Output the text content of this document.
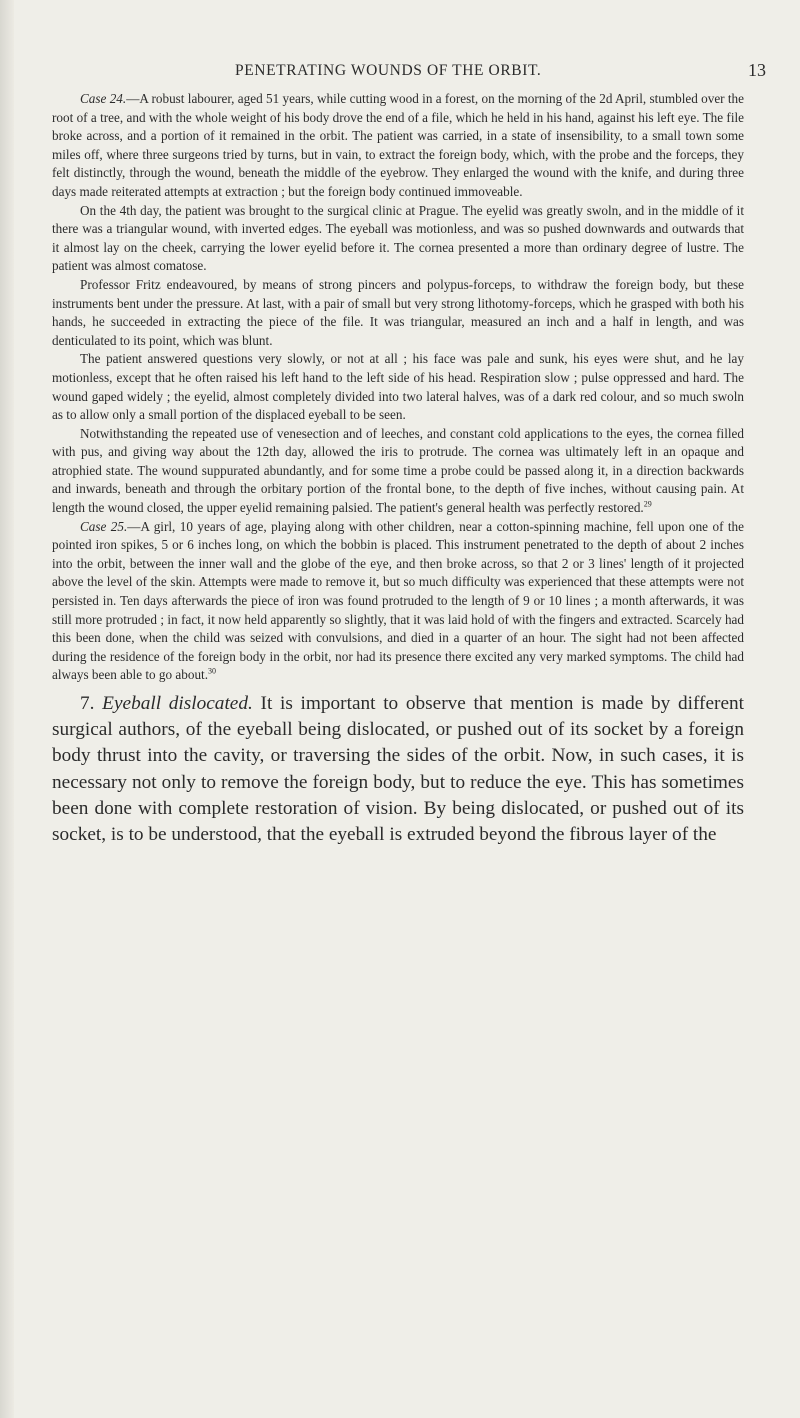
PENETRATING WOUNDS OF THE ORBIT.	13

Case 24.—A robust labourer, aged 51 years, while cutting wood in a forest, on the morning of the 2d April, stumbled over the root of a tree, and with the whole weight of his body drove the end of a file, which he held in his hand, against his left eye. The file broke across, and a portion of it remained in the orbit. The patient was carried, in a state of insensibility, to a small town some miles off, where three surgeons tried by turns, but in vain, to extract the foreign body, which, with the probe and the forceps, they felt distinctly, through the wound, beneath the middle of the eyebrow. They enlarged the wound with the knife, and during three days made reiterated attempts at extraction ; but the foreign body continued immoveable.

On the 4th day, the patient was brought to the surgical clinic at Prague. The eyelid was greatly swoln, and in the middle of it there was a triangular wound, with inverted edges. The eyeball was motionless, and was so pushed downwards and outwards that it almost lay on the cheek, carrying the lower eyelid before it. The cornea presented a more than ordinary degree of lustre. The patient was almost comatose.

Professor Fritz endeavoured, by means of strong pincers and polypus-forceps, to withdraw the foreign body, but these instruments bent under the pressure. At last, with a pair of small but very strong lithotomy-forceps, which he grasped with both his hands, he succeeded in extracting the piece of the file. It was triangular, measured an inch and a half in length, and was denticulated to its point, which was blunt.

The patient answered questions very slowly, or not at all ; his face was pale and sunk, his eyes were shut, and he lay motionless, except that he often raised his left hand to the left side of his head. Respiration slow ; pulse oppressed and hard. The wound gaped widely ; the eyelid, almost completely divided into two lateral halves, was of a dark red colour, and so much swoln as to allow only a small portion of the displaced eyeball to be seen.

Notwithstanding the repeated use of venesection and of leeches, and constant cold applications to the eyes, the cornea filled with pus, and giving way about the 12th day, allowed the iris to protrude. The cornea was ultimately left in an opaque and atrophied state. The wound suppurated abundantly, and for some time a probe could be passed along it, in a direction backwards and inwards, beneath and through the orbitary portion of the frontal bone, to the depth of five inches, without causing pain. At length the wound closed, the upper eyelid remaining palsied. The patient's general health was perfectly restored.$^{29}$

Case 25.—A girl, 10 years of age, playing along with other children, near a cotton-spinning machine, fell upon one of the pointed iron spikes, 5 or 6 inches long, on which the bobbin is placed. This instrument penetrated to the depth of about 2 inches into the orbit, between the inner wall and the globe of the eye, and then broke across, so that 2 or 3 lines' length of it projected above the level of the skin. Attempts were made to remove it, but so much difficulty was experienced that these attempts were not persisted in. Ten days afterwards the piece of iron was found protruded to the length of 9 or 10 lines ; a month afterwards, it was still more protruded ; in fact, it now held apparently so slightly, that it was laid hold of with the fingers and extracted. Scarcely had this been done, when the child was seized with convulsions, and died in a quarter of an hour. The sight had not been affected during the residence of the foreign body in the orbit, nor had its presence there excited any very marked symptoms. The child had always been able to go about.$^{30}$

7. Eyeball dislocated. It is important to observe that mention is made by different surgical authors, of the eyeball being dislocated, or pushed out of its socket by a foreign body thrust into the cavity, or traversing the sides of the orbit. Now, in such cases, it is necessary not only to remove the foreign body, but to reduce the eye. This has sometimes been done with complete restoration of vision. By being dislocated, or pushed out of its socket, is to be understood, that the eyeball is extruded beyond the fibrous layer of the
